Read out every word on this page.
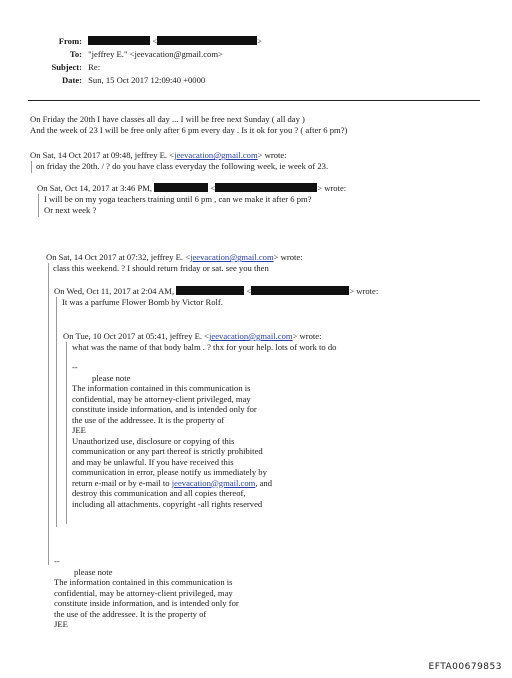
From:	<	>
To: "jeffrey E." <jeevacation@gmail.com>
Subject: Re:
Date: Sun, 15 Oct 2017 12:09:40 +0000
On Friday the 20th I have classes all day ... I will be free next Sunday ( all day )
And the week of 23 I will be free only after 6 pm every day . Is it ok for you ? ( after 6 pm?)
On Sat, 14 Oct 2017 at 09:48, jeffrey E. <jeevacation@gmail.com> wrote:
on friday the 20th. / ? do you have class everyday the following week, ie week of 23.
On Sat, Oct 14, 2017 at 3:46 PM,	<	> wrote:
I will be on my yoga teachers training until 6 pm , can we make it after 6 pm?
Or next week ?
On Sat, 14 Oct 2017 at 07:32, jeffrey E. <jeevacation@gmail.com> wrote:
class this weekend. ? I should return friday or sat. see you then
On Wed, Oct 11, 2017 at 2:04 AM,	<	> wrote:
It was a parfume Flower Bomb by Victor Rolf.
On Tue, 10 Oct 2017 at 05:41, jeffrey E. <jeevacation@gmail.com> wrote:
what was the name of that body balm . ? thx for your help. lots of work to do
--
please note
The information contained in this communication is
confidential, may be attorney-client privileged, may
constitute inside information, and is intended only for
the use of the addressee. It is the property of
JEE
Unauthorized use, disclosure or copying of this
communication or any part thereof is strictly prohibited
and may be unlawful. If you have received this
communication in error, please notify us immediately by
return e-mail or by e-mail to jeevacation@gmail.com, and
destroy this communication and all copies thereof,
including all attachments. copyright -all rights reserved
--
please note
The information contained in this communication is
confidential, may be attorney-client privileged, may
constitute inside information, and is intended only for
the use of the addressee. It is the property of
JEE
EFTA00679853
